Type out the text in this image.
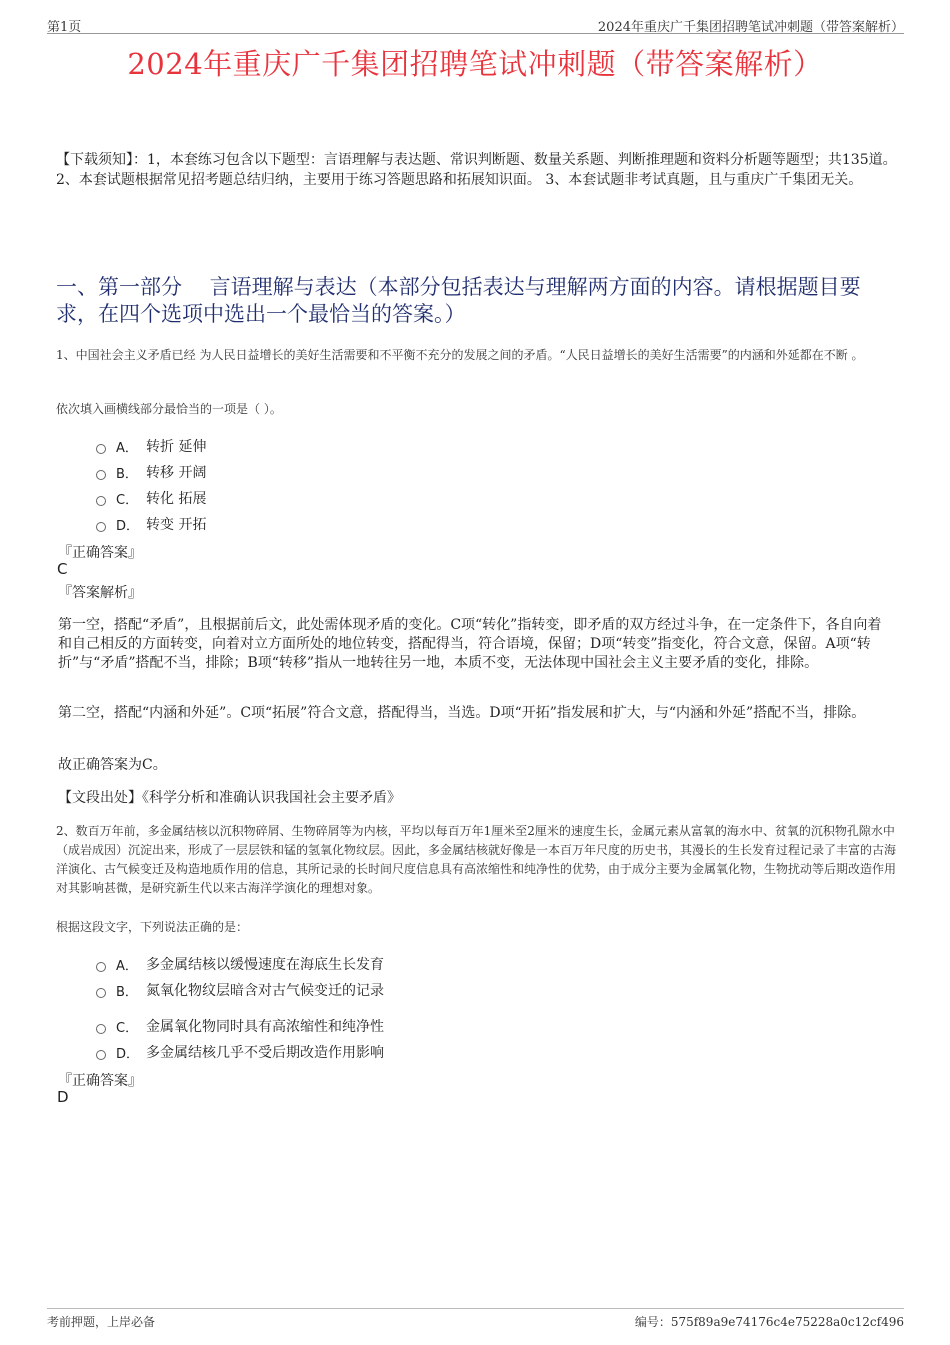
第1页	2024年重庆广千集团招聘笔试冲刺题（带答案解析）
2024年重庆广千集团招聘笔试冲刺题（带答案解析）
【下载须知】：1，本套练习包含以下题型：言语理解与表达题、常识判断题、数量关系题、判断推理题和资料分析题等题型；共135道。 2、本套试题根据常见招考题总结归纳，主要用于练习答题思路和拓展知识面。 3、本套试题非考试真题，且与重庆广千集团无关。
一、第一部分　 言语理解与表达（本部分包括表达与理解两方面的内容。请根据题目要求，在四个选项中选出一个最恰当的答案。）
1、中国社会主义矛盾已经 为人民日益增长的美好生活需要和不平衡不充分的发展之间的矛盾。“人民日益增长的美好生活需要”的内涵和外延都在不断 。
依次填入画横线部分最恰当的一项是（ ）。
A． 转折 延伸
B． 转移 开阔
C． 转化 拓展
D． 转变 开拓
『正确答案』
C
『答案解析』
第一空，搭配“矛盾”，且根据前后文，此处需体现矛盾的变化。C项“转化”指转变，即矛盾的双方经过斗争，在一定条件下，各自向着和自己相反的方面转变，向着对立方面所处的地位转变，搭配得当，符合语境，保留；D项“转变”指变化，符合文意，保留。A项“转折”与“矛盾”搭配不当，排除；B项“转移”指从一地转往另一地，本质不变，无法体现中国社会主义主要矛盾的变化，排除。
第二空，搭配“内涵和外延”。C项“拓展”符合文意，搭配得当，当选。D项“开拓”指发展和扩大，与“内涵和外延”搭配不当，排除。
故正确答案为C。
【文段出处】《科学分析和准确认识我国社会主要矛盾》
2、数百万年前，多金属结核以沉积物碎屑、生物碎屑等为内核，平均以每百万年1厘米至2厘米的速度生长，金属元素从富氧的海水中、贫氧的沉积物孔隙水中（成岩成因）沉淀出来，形成了一层层铁和锰的氢氧化物纹层。因此，多金属结核就好像是一本百万年尺度的历史书，其漫长的生长发育过程记录了丰富的古海洋演化、古气候变迁及构造地质作用的信息，其所记录的长时间尺度信息具有高浓缩性和纯净性的优势，由于成分主要为金属氧化物，生物扰动等后期改造作用对其影响甚微，是研究新生代以来古海洋学演化的理想对象。
根据这段文字，下列说法正确的是：
A． 多金属结核以缓慢速度在海底生长发育
B． 氮氧化物纹层暗含对古气候变迁的记录
C． 金属氧化物同时具有高浓缩性和纯净性
D． 多金属结核几乎不受后期改造作用影响
『正确答案』
D
考前押题，上岸必备	编号：575f89a9e74176c4e75228a0c12cf496
